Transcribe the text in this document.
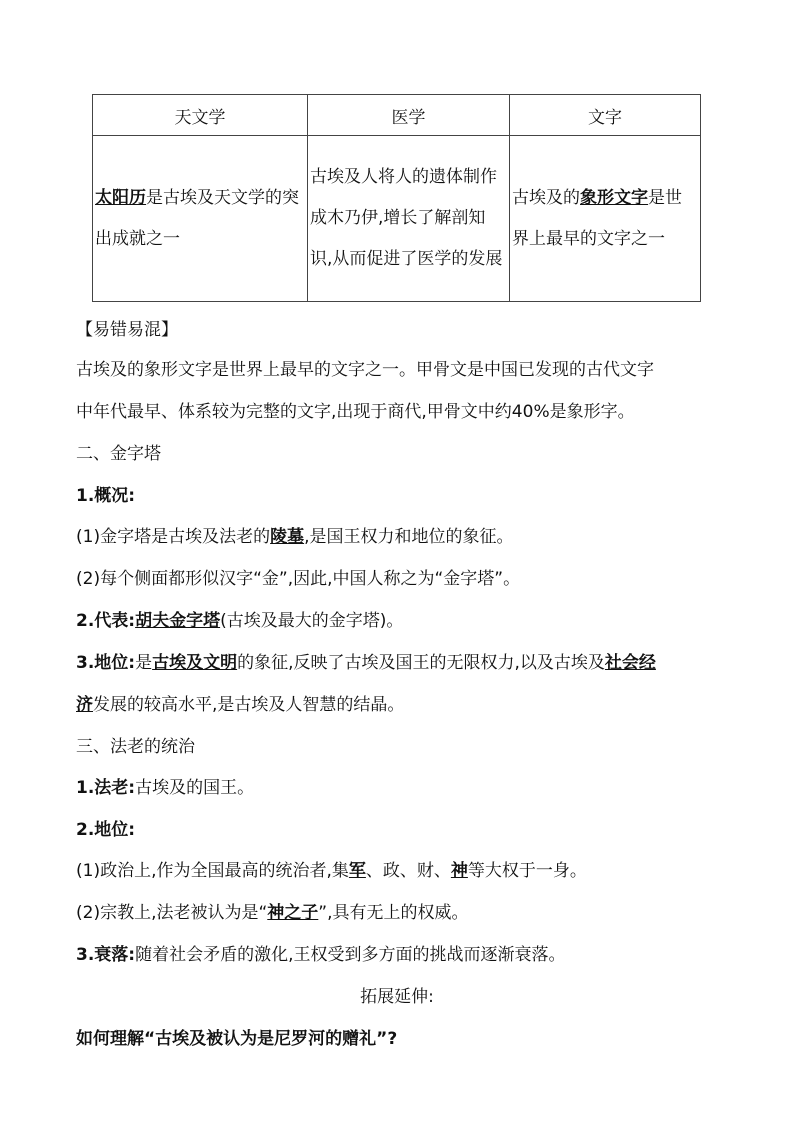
天文学	医学	文字
太阳历是古埃及天文学的突出成就之一	古埃及人将人的遗体制作成木乃伊,增长了解剖知识,从而促进了医学的发展	古埃及的象形文字是世界上最早的文字之一
【易错易混】
古埃及的象形文字是世界上最早的文字之一。甲骨文是中国已发现的古代文字
中年代最早、体系较为完整的文字,出现于商代,甲骨文中约40%是象形字。
二、金字塔
1.概况:
(1)金字塔是古埃及法老的陵墓,是国王权力和地位的象征。
(2)每个侧面都形似汉字“金”,因此,中国人称之为“金字塔”。
2.代表:胡夫金字塔(古埃及最大的金字塔)。
3.地位:是古埃及文明的象征,反映了古埃及国王的无限权力,以及古埃及社会经
济发展的较高水平,是古埃及人智慧的结晶。
三、法老的统治
1.法老:古埃及的国王。
2.地位:
(1)政治上,作为全国最高的统治者,集军、政、财、神等大权于一身。
(2)宗教上,法老被认为是“神之子”,具有无上的权威。
3.衰落:随着社会矛盾的激化,王权受到多方面的挑战而逐渐衰落。
拓展延伸:
如何理解“古埃及被认为是尼罗河的赠礼”?
